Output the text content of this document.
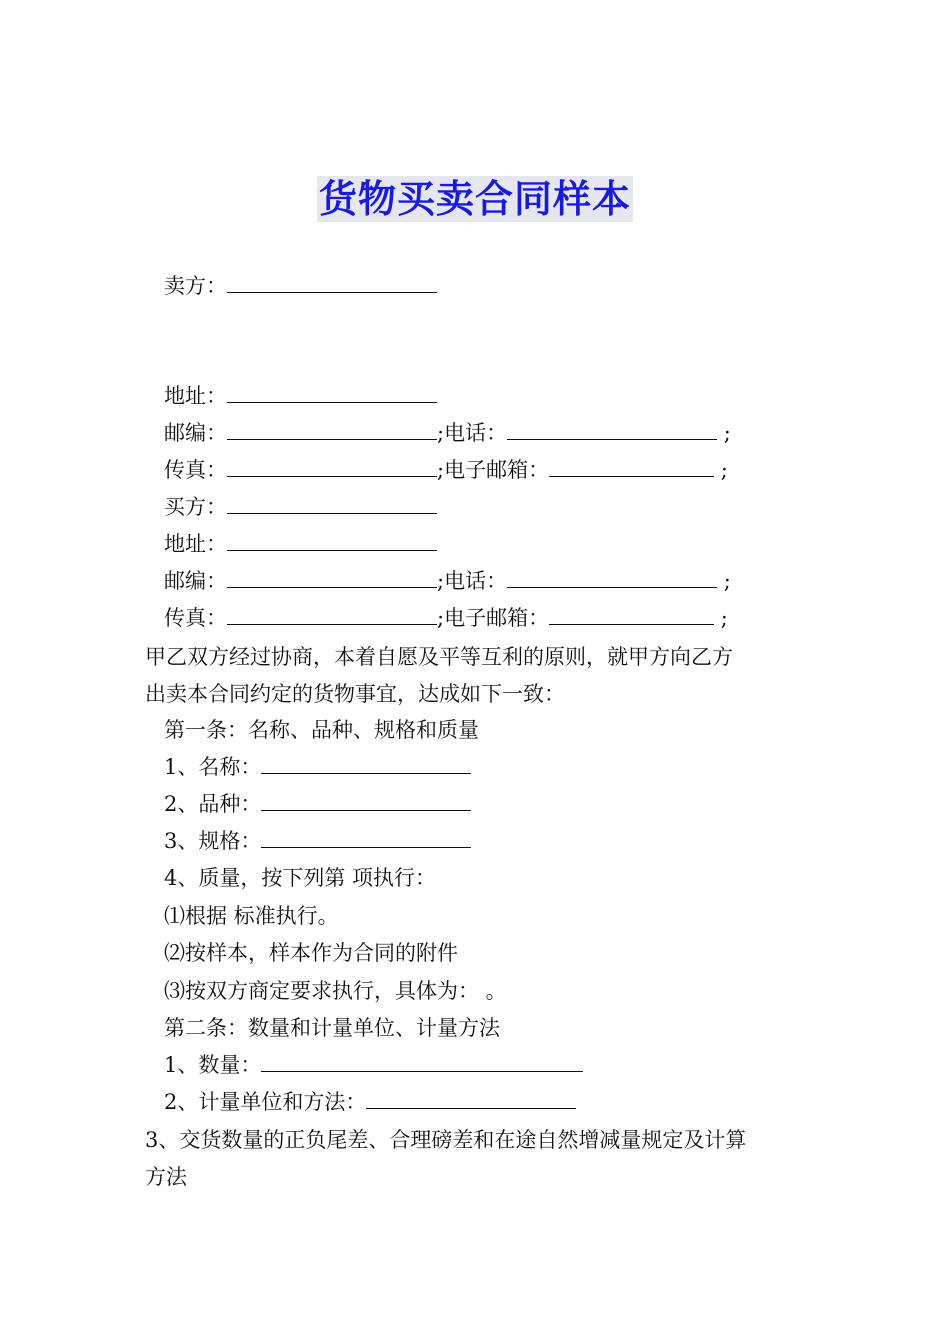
货物买卖合同样本
卖方：
地址：
邮编：	;电话：	;
传真：	;电子邮箱：	;
买方：
地址：
邮编：	;电话：	;
传真：	;电子邮箱：	;
甲乙双方经过协商，本着自愿及平等互利的原则，就甲方向乙方
出卖本合同约定的货物事宜，达成如下一致：
第一条：名称、品种、规格和质量
1、名称：
2、品种：
3、规格：
4、质量，按下列第 项执行：
⑴根据 标准执行。
⑵按样本，样本作为合同的附件
⑶按双方商定要求执行，具体为： 。
第二条：数量和计量单位、计量方法
1、数量：
2、计量单位和方法：
3、交货数量的正负尾差、合理磅差和在途自然增减量规定及计算
方法
